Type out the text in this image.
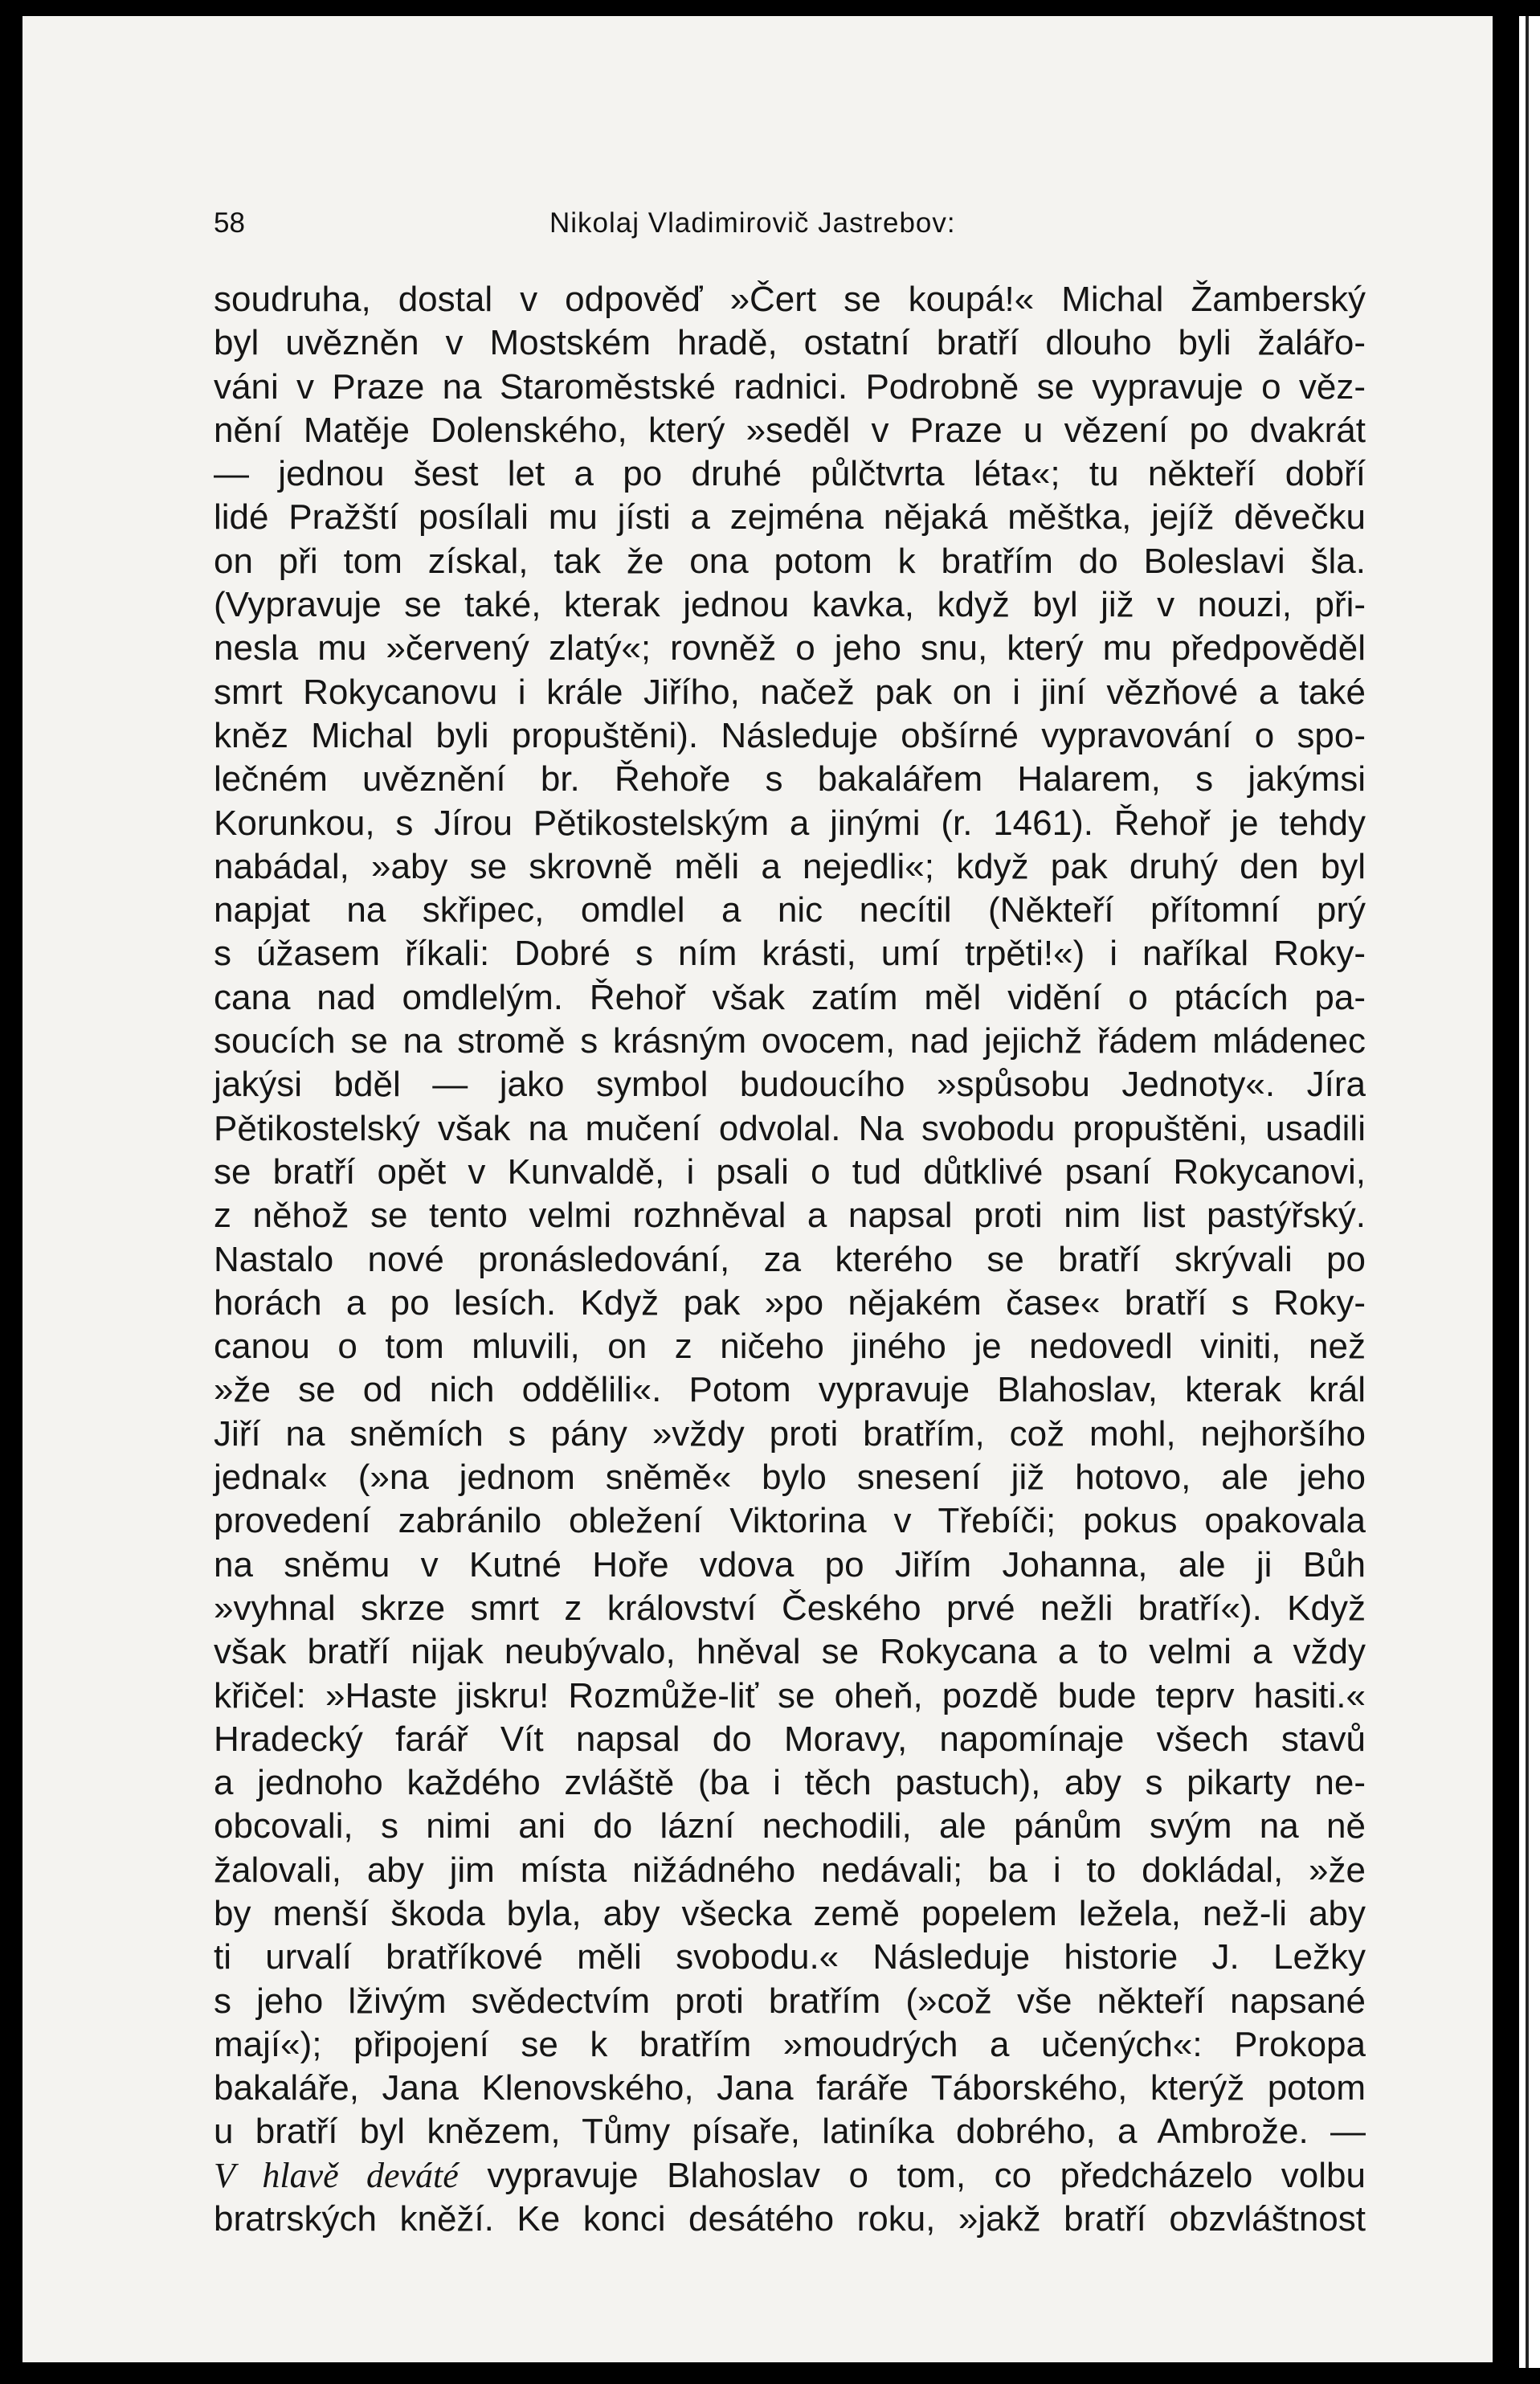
58	Nikolaj Vladimirovič Jastrebov:
soudruha, dostal v odpověď »Čert se koupá!« Michal Žamberský
byl uvězněn v Mostském hradě, ostatní bratří dlouho byli žalářo-
váni v Praze na Staroměstské radnici. Podrobně se vypravuje o věz-
nění Matěje Dolenského, který »seděl v Praze u vězení po dvakrát
— jednou šest let a po druhé půlčtvrta léta«; tu někteří dobří
lidé Pražští posílali mu jísti a zejména nějaká měštka, jejíž děvečku
on při tom získal, tak že ona potom k bratřím do Boleslavi šla.
(Vypravuje se také, kterak jednou kavka, když byl již v nouzi, při-
nesla mu »červený zlatý«; rovněž o jeho snu, který mu předpověděl
smrt Rokycanovu i krále Jiřího, načež pak on i jiní vězňové a také
kněz Michal byli propuštěni). Následuje obšírné vypravování o spo-
lečném uvěznění br. Řehoře s bakalářem Halarem, s jakýmsi
Korunkou, s Jírou Pětikostelským a jinými (r. 1461). Řehoř je tehdy
nabádal, »aby se skrovně měli a nejedli«; když pak druhý den byl
napjat na skřipec, omdlel a nic necítil (Někteří přítomní prý
s úžasem říkali: Dobré s ním krásti, umí trpěti!«) i naříkal Roky-
cana nad omdlelým. Řehoř však zatím měl vidění o ptácích pa-
soucích se na stromě s krásným ovocem, nad jejichž řádem mládenec
jakýsi bděl — jako symbol budoucího »spůsobu Jednoty«. Jíra
Pětikostelský však na mučení odvolal. Na svobodu propuštěni, usadili
se bratří opět v Kunvaldě, i psali o tud důtklivé psaní Rokycanovi,
z něhož se tento velmi rozhněval a napsal proti nim list pastýřský.
Nastalo nové pronásledování, za kterého se bratří skrývali po
horách a po lesích. Když pak »po nějakém čase« bratří s Roky-
canou o tom mluvili, on z ničeho jiného je nedovedl viniti, než
»že se od nich oddělili«. Potom vypravuje Blahoslav, kterak král
Jiří na sněmích s pány »vždy proti bratřím, což mohl, nejhoršího
jednal« (»na jednom sněmě« bylo snesení již hotovo, ale jeho
provedení zabránilo obležení Viktorina v Třebíči; pokus opakovala
na sněmu v Kutné Hoře vdova po Jiřím Johanna, ale ji Bůh
»vyhnal skrze smrt z království Českého prvé nežli bratří«). Když
však bratří nijak neubývalo, hněval se Rokycana a to velmi a vždy
křičel: »Haste jiskru! Rozmůže-liť se oheň, pozdě bude teprv hasiti.«
Hradecký farář Vít napsal do Moravy, napomínaje všech stavů
a jednoho každého zvláště (ba i těch pastuch), aby s pikarty ne-
obcovali, s nimi ani do lázní nechodili, ale pánům svým na ně
žalovali, aby jim místa nižádného nedávali; ba i to dokládal, »že
by menší škoda byla, aby všecka země popelem ležela, než-li aby
ti urvalí bratříkové měli svobodu.« Následuje historie J. Ležky
s jeho lživým svědectvím proti bratřím (»což vše někteří napsané
mají«); připojení se k bratřím »moudrých a učených«: Prokopa
bakaláře, Jana Klenovského, Jana faráře Táborského, kterýž potom
u bratří byl knězem, Tůmy písaře, latiníka dobrého, a Ambrože. —
V hlavě deváté vypravuje Blahoslav o tom, co předcházelo volbu
bratrských kněží. Ke konci desátého roku, »jakž bratří obzvláštnost
